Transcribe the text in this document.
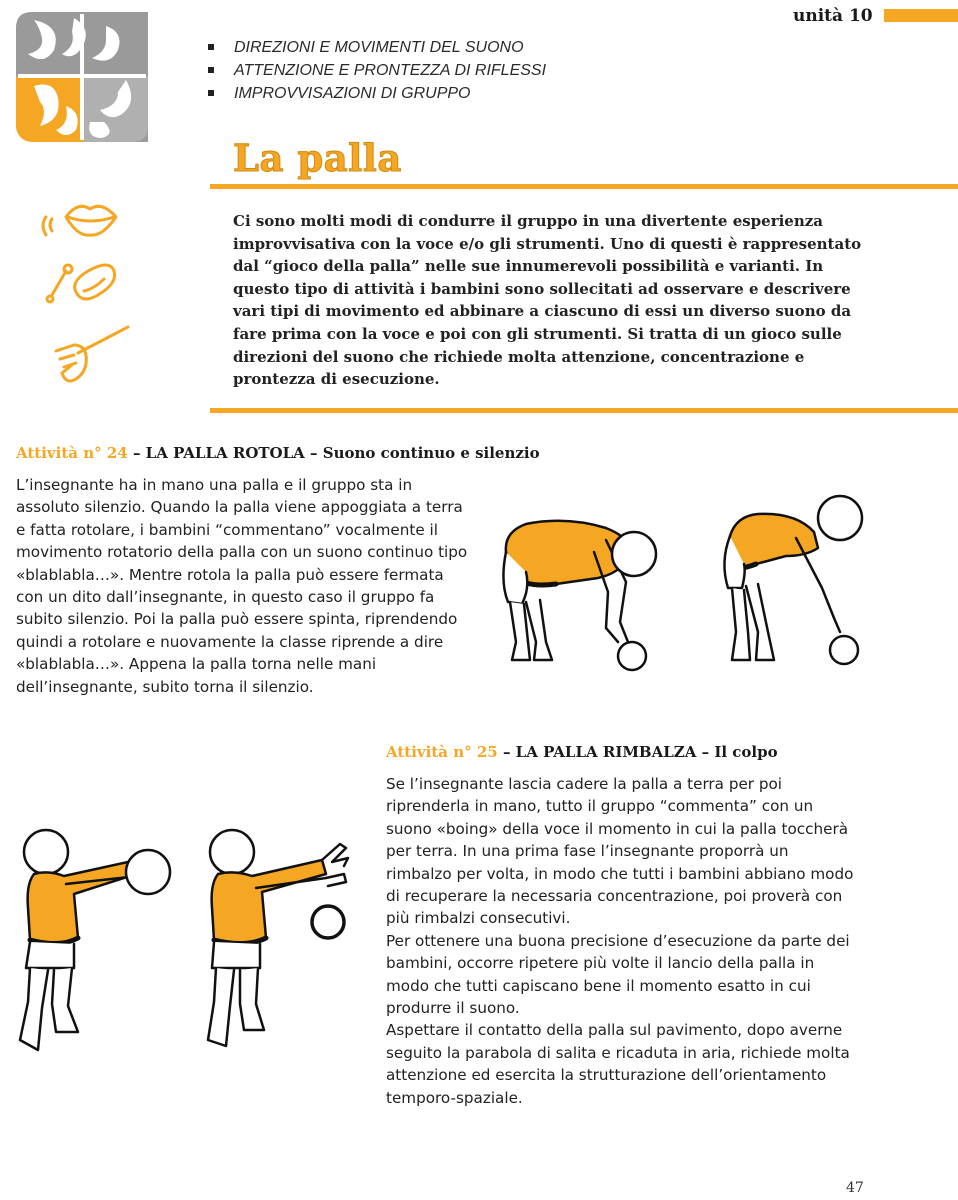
unità 10
DIREZIONI E MOVIMENTI DEL SUONO
ATTENZIONE E PRONTEZZA DI RIFLESSI
IMPROVVISAZIONI DI GRUPPO
La palla

Ci sono molti modi di condurre il gruppo in una divertente esperienza improvvisativa con la voce e/o gli strumenti. Uno di questi è rappresentato dal “gioco della palla” nelle sue innumerevoli possibilità e varianti. In questo tipo di attività i bambini sono sollecitati ad osservare e descrivere vari tipi di movimento ed abbinare a ciascuno di essi un diverso suono da fare prima con la voce e poi con gli strumenti. Si tratta di un gioco sulle direzioni del suono che richiede molta attenzione, concentrazione e prontezza di esecuzione.

Attività n° 24 – LA PALLA ROTOLA – Suono continuo e silenzio

L’insegnante ha in mano una palla e il gruppo sta in assoluto silenzio. Quando la palla viene appoggiata a terra e fatta rotolare, i bambini “commentano” vocalmente il movimento rotatorio della palla con un suono continuo tipo «blablabla…». Mentre rotola la palla può essere fermata con un dito dall’insegnante, in questo caso il gruppo fa subito silenzio. Poi la palla può essere spinta, riprendendo quindi a rotolare e nuovamente la classe riprende a dire «blablabla…». Appena la palla torna nelle mani dell’insegnante, subito torna il silenzio.

Attività n° 25 – LA PALLA RIMBALZA – Il colpo
Se l’insegnante lascia cadere la palla a terra per poi riprenderla in mano, tutto il gruppo “commenta” con un suono «boing» della voce il momento in cui la palla toccherà per terra. In una prima fase l’insegnante proporrà un rimbalzo per volta, in modo che tutti i bambini abbiano modo di recuperare la necessaria concentrazione, poi proverà con più rimbalzi consecutivi.
Per ottenere una buona precisione d’esecuzione da parte dei bambini, occorre ripetere più volte il lancio della palla in modo che tutti capiscano bene il momento esatto in cui produrre il suono.
Aspettare il contatto della palla sul pavimento, dopo averne seguito la parabola di salita e ricaduta in aria, richiede molta attenzione ed esercita la strutturazione dell’orientamento temporo-spaziale.
47
